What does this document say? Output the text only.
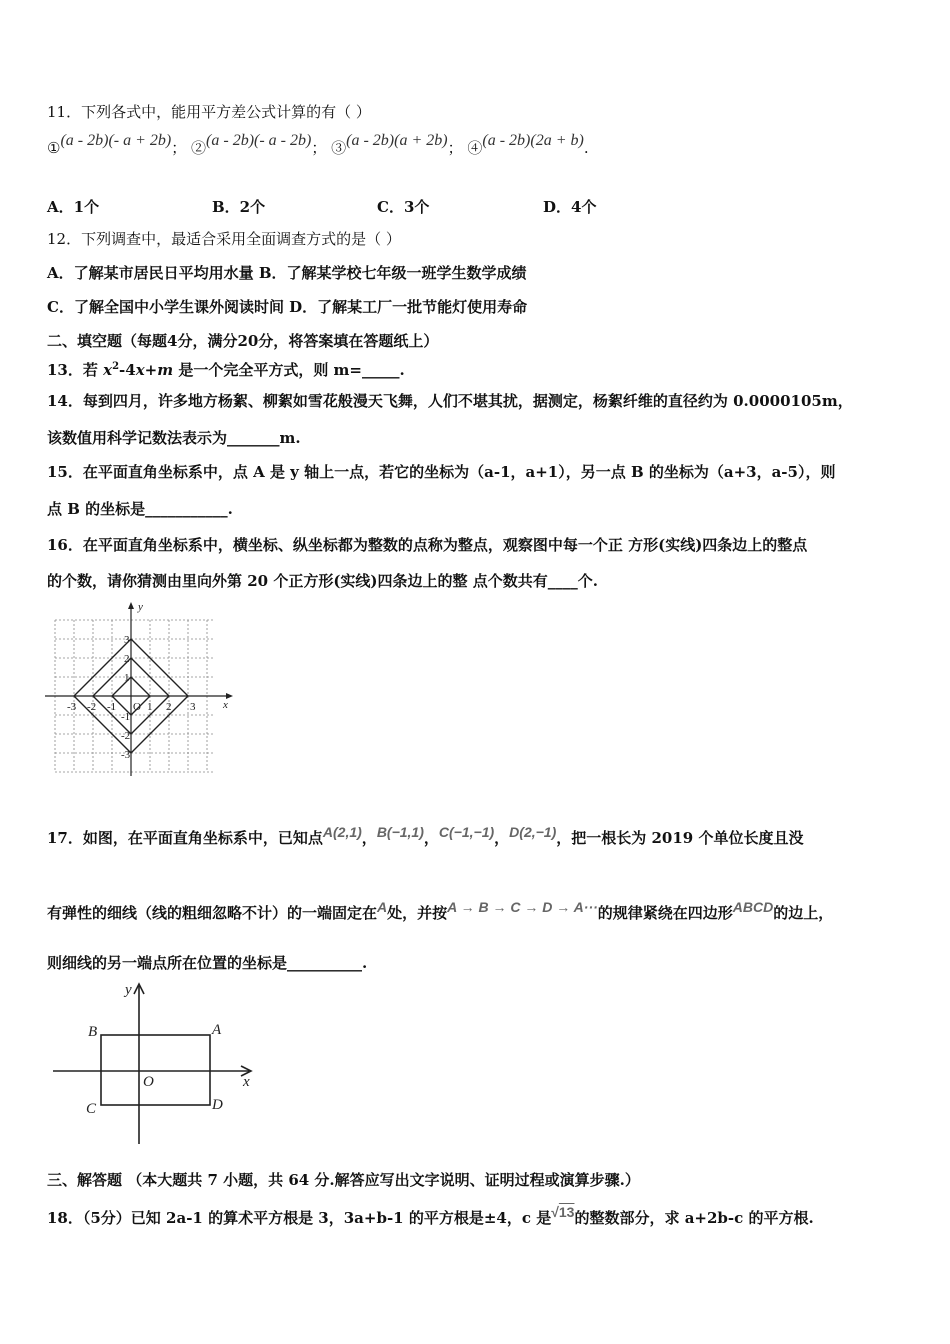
11．下列各式中，能用平方差公式计算的有（ ）
①(a - 2b)(- a + 2b)； ②(a - 2b)(- a - 2b)； ③(a - 2b)(a + 2b)； ④(a - 2b)(2a + b).
A．1个	B．2个	C．3个	D．4个
12．下列调查中，最适合采用全面调查方式的是（ ）
A．了解某市居民日平均用水量 B．了解某学校七年级一班学生数学成绩
C．了解全国中小学生课外阅读时间 D．了解某工厂一批节能灯使用寿命
二、填空题（每题4分，满分20分，将答案填在答题纸上）
13．若 $x^2-4x+m$ 是一个完全平方式，则 m=_____.
14．每到四月，许多地方杨絮、柳絮如雪花般漫天飞舞，人们不堪其扰，据测定，杨絮纤维的直径约为 0.0000105m，
该数值用科学记数法表示为_______m.
15．在平面直角坐标系中，点 A 是 y 轴上一点，若它的坐标为（a-1，a+1），另一点 B 的坐标为（a+3，a-5），则
点 B 的坐标是___________.
16．在平面直角坐标系中，横坐标、纵坐标都为整数的点称为整点，观察图中每一个正 方形(实线)四条边上的整点
的个数，请你猜测由里向外第 20 个正方形(实线)四条边上的整 点个数共有____个.
y
x
O
-3 -2 -1	1 2 3
3
2
1
-1
-2
-3
17．如图，在平面直角坐标系中，已知点A(2,1)，B(−1,1)，C(−1,−1)，D(2,−1)，把一根长为 2019 个单位长度且没
有弹性的细线（线的粗细忽略不计）的一端固定在A处，并按A → B → C → D → A···的规律紧绕在四边形ABCD的边上，
则细线的另一端点所在位置的坐标是__________.
y
x
O
A
B
C	D
三、解答题 （本大题共 7 小题，共 64 分.解答应写出文字说明、证明过程或演算步骤.）
18．（5分）已知 2a-1 的算术平方根是 3，3a+b-1 的平方根是±4，c 是√13的整数部分，求 a+2b-c 的平方根.
